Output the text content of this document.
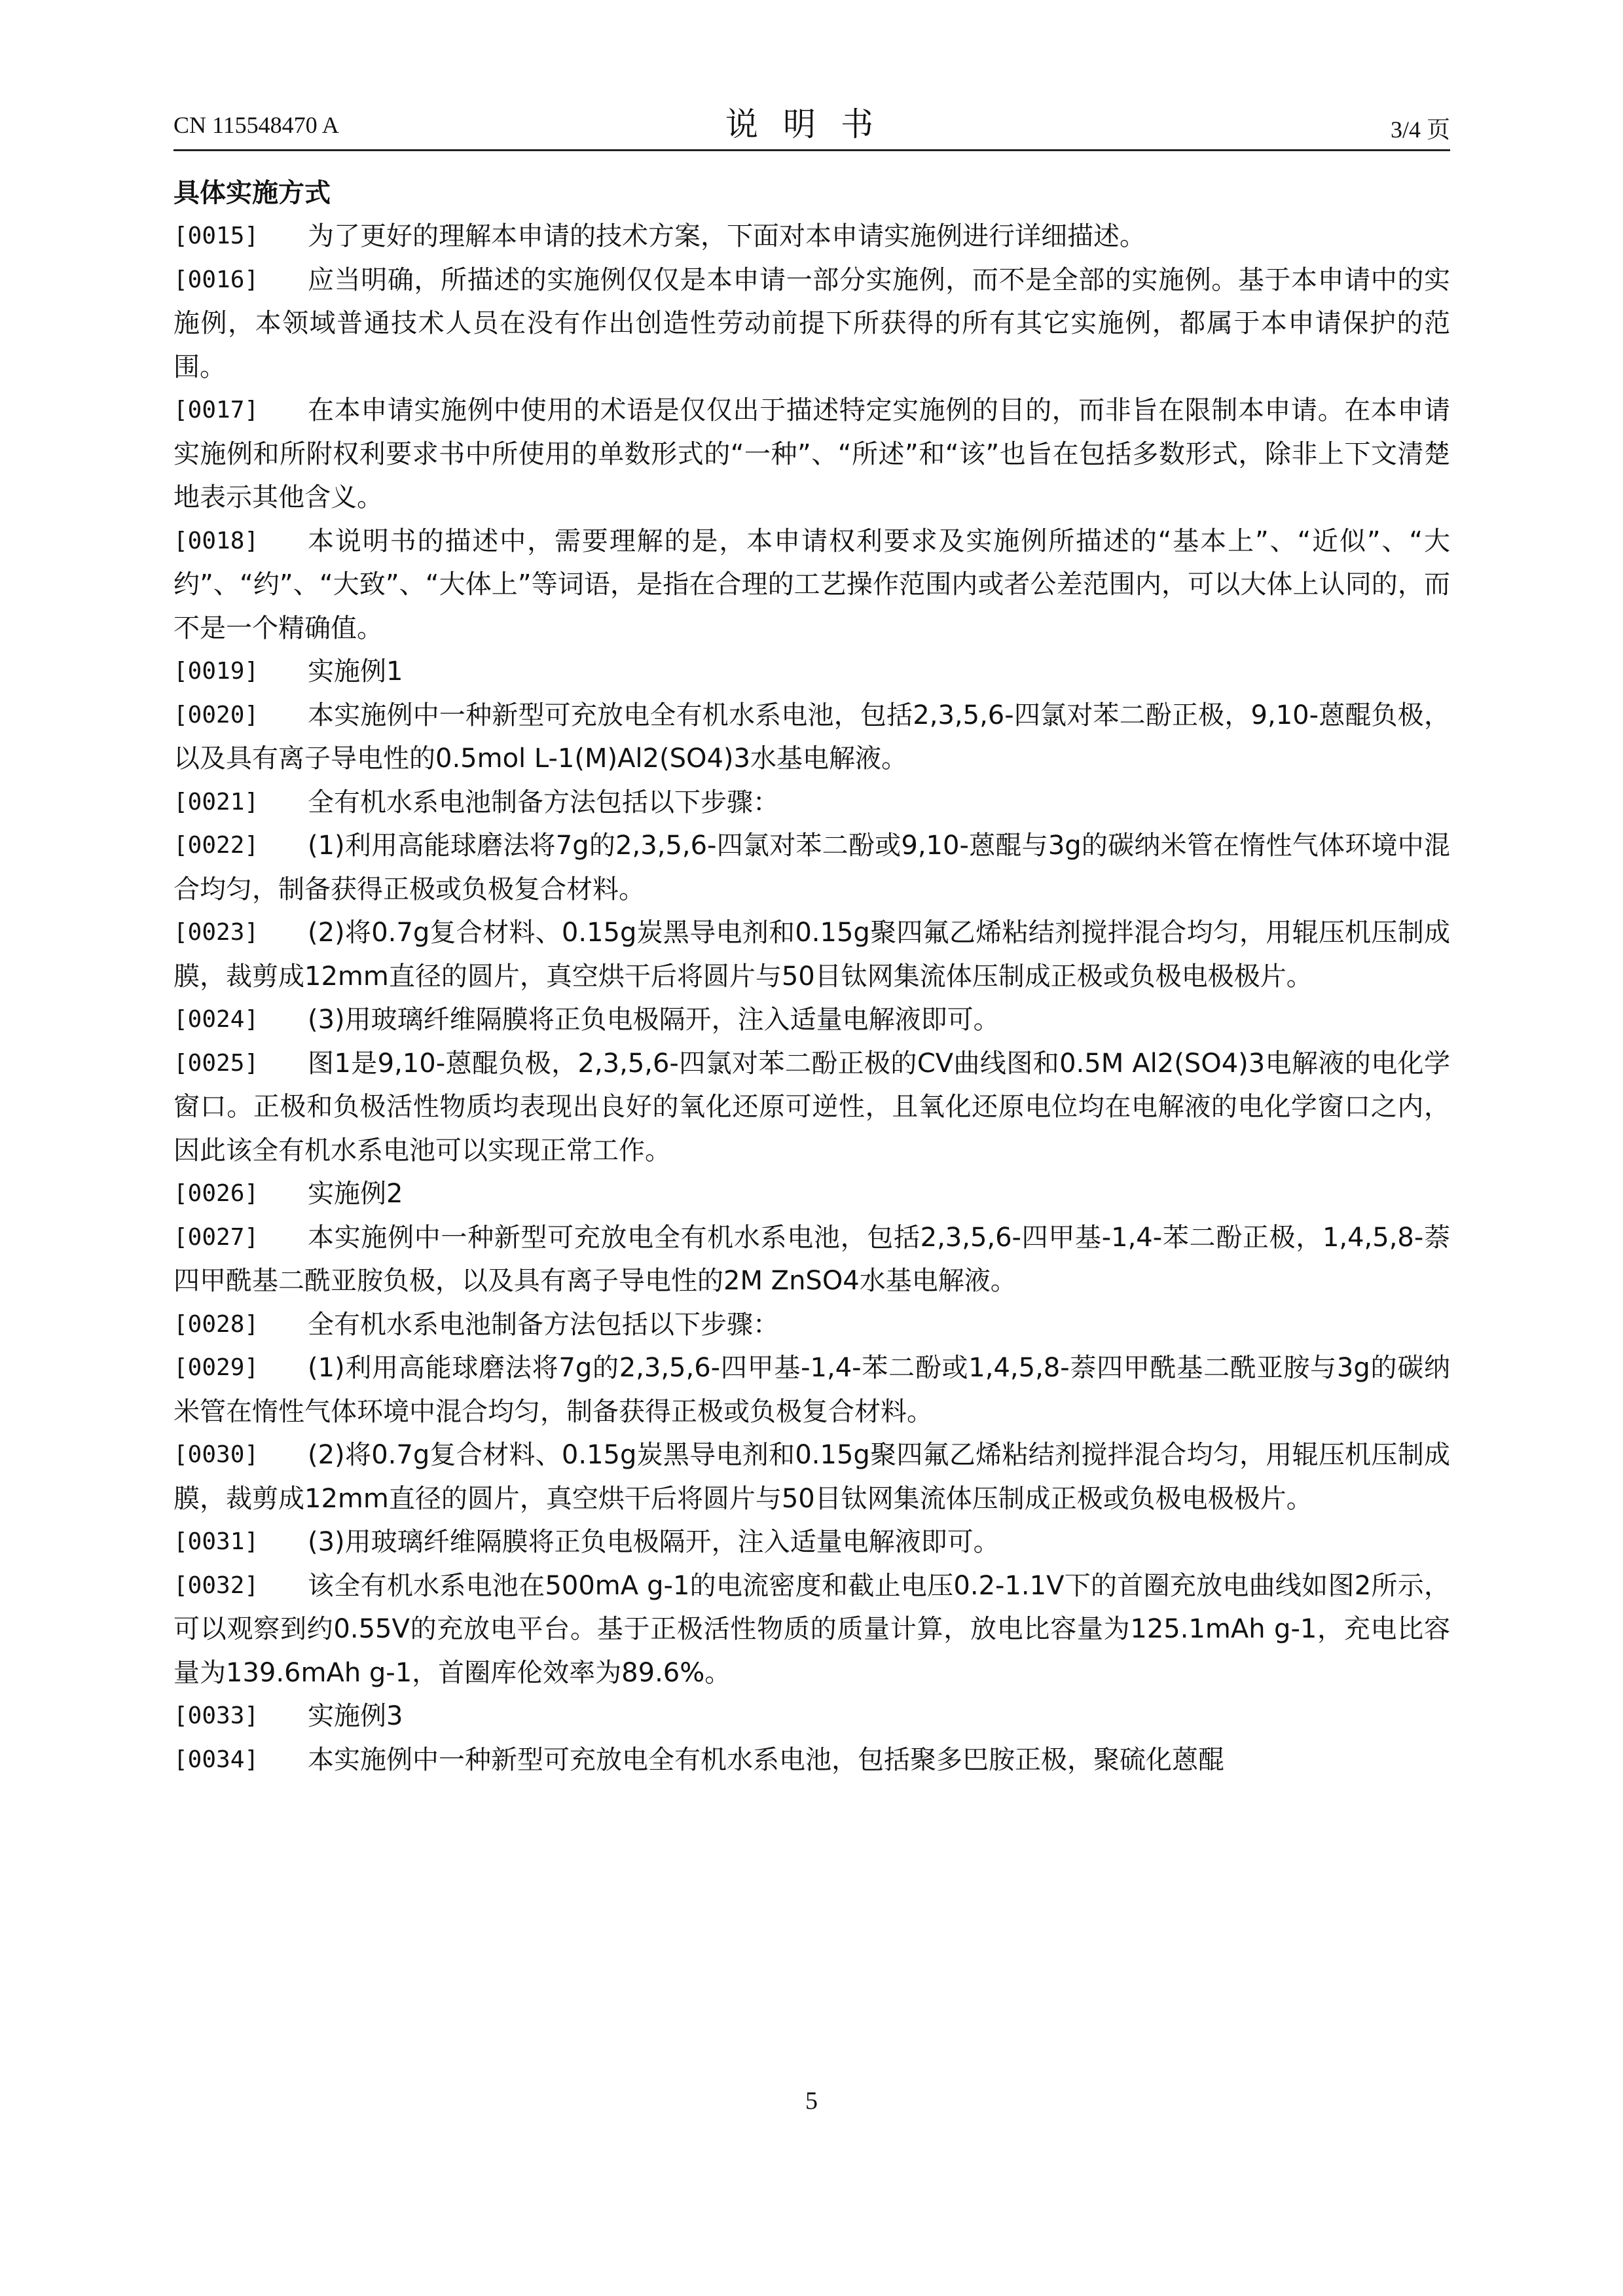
CN 115548470 A	说明书	3/4 页

具体实施方式

[0015]	为了更好的理解本申请的技术方案，下面对本申请实施例进行详细描述。
[0016]	应当明确，所描述的实施例仅仅是本申请一部分实施例，而不是全部的实施例。基于本申请中的实施例，本领域普通技术人员在没有作出创造性劳动前提下所获得的所有其它实施例，都属于本申请保护的范围。
[0017]	在本申请实施例中使用的术语是仅仅出于描述特定实施例的目的，而非旨在限制本申请。在本申请实施例和所附权利要求书中所使用的单数形式的“一种”、“所述”和“该”也旨在包括多数形式，除非上下文清楚地表示其他含义。
[0018]	本说明书的描述中，需要理解的是，本申请权利要求及实施例所描述的“基本上”、“近似”、“大约”、“约”、“大致”、“大体上”等词语，是指在合理的工艺操作范围内或者公差范围内，可以大体上认同的，而不是一个精确值。
[0019]	实施例1
[0020]	本实施例中一种新型可充放电全有机水系电池，包括2,3,5,6-四氯对苯二酚正极，9,10-蒽醌负极，以及具有离子导电性的0.5mol L-1(M)Al2(SO4)3水基电解液。
[0021]	全有机水系电池制备方法包括以下步骤：
[0022]	(1)利用高能球磨法将7g的2,3,5,6-四氯对苯二酚或9,10-蒽醌与3g的碳纳米管在惰性气体环境中混合均匀，制备获得正极或负极复合材料。
[0023]	(2)将0.7g复合材料、0.15g炭黑导电剂和0.15g聚四氟乙烯粘结剂搅拌混合均匀，用辊压机压制成膜，裁剪成12mm直径的圆片，真空烘干后将圆片与50目钛网集流体压制成正极或负极电极极片。
[0024]	(3)用玻璃纤维隔膜将正负电极隔开，注入适量电解液即可。
[0025]	图1是9,10-蒽醌负极，2,3,5,6-四氯对苯二酚正极的CV曲线图和0.5M Al2(SO4)3电解液的电化学窗口。正极和负极活性物质均表现出良好的氧化还原可逆性，且氧化还原电位均在电解液的电化学窗口之内，因此该全有机水系电池可以实现正常工作。
[0026]	实施例2
[0027]	本实施例中一种新型可充放电全有机水系电池，包括2,3,5,6-四甲基-1,4-苯二酚正极，1,4,5,8-萘四甲酰基二酰亚胺负极，以及具有离子导电性的2M ZnSO4水基电解液。
[0028]	全有机水系电池制备方法包括以下步骤：
[0029]	(1)利用高能球磨法将7g的2,3,5,6-四甲基-1,4-苯二酚或1,4,5,8-萘四甲酰基二酰亚胺与3g的碳纳米管在惰性气体环境中混合均匀，制备获得正极或负极复合材料。
[0030]	(2)将0.7g复合材料、0.15g炭黑导电剂和0.15g聚四氟乙烯粘结剂搅拌混合均匀，用辊压机压制成膜，裁剪成12mm直径的圆片，真空烘干后将圆片与50目钛网集流体压制成正极或负极电极极片。
[0031]	(3)用玻璃纤维隔膜将正负电极隔开，注入适量电解液即可。
[0032]	该全有机水系电池在500mA g-1的电流密度和截止电压0.2-1.1V下的首圈充放电曲线如图2所示，可以观察到约0.55V的充放电平台。基于正极活性物质的质量计算，放电比容量为125.1mAh g-1，充电比容量为139.6mAh g-1，首圈库伦效率为89.6%。
[0033]	实施例3
[0034]	本实施例中一种新型可充放电全有机水系电池，包括聚多巴胺正极，聚硫化蒽醌
5
